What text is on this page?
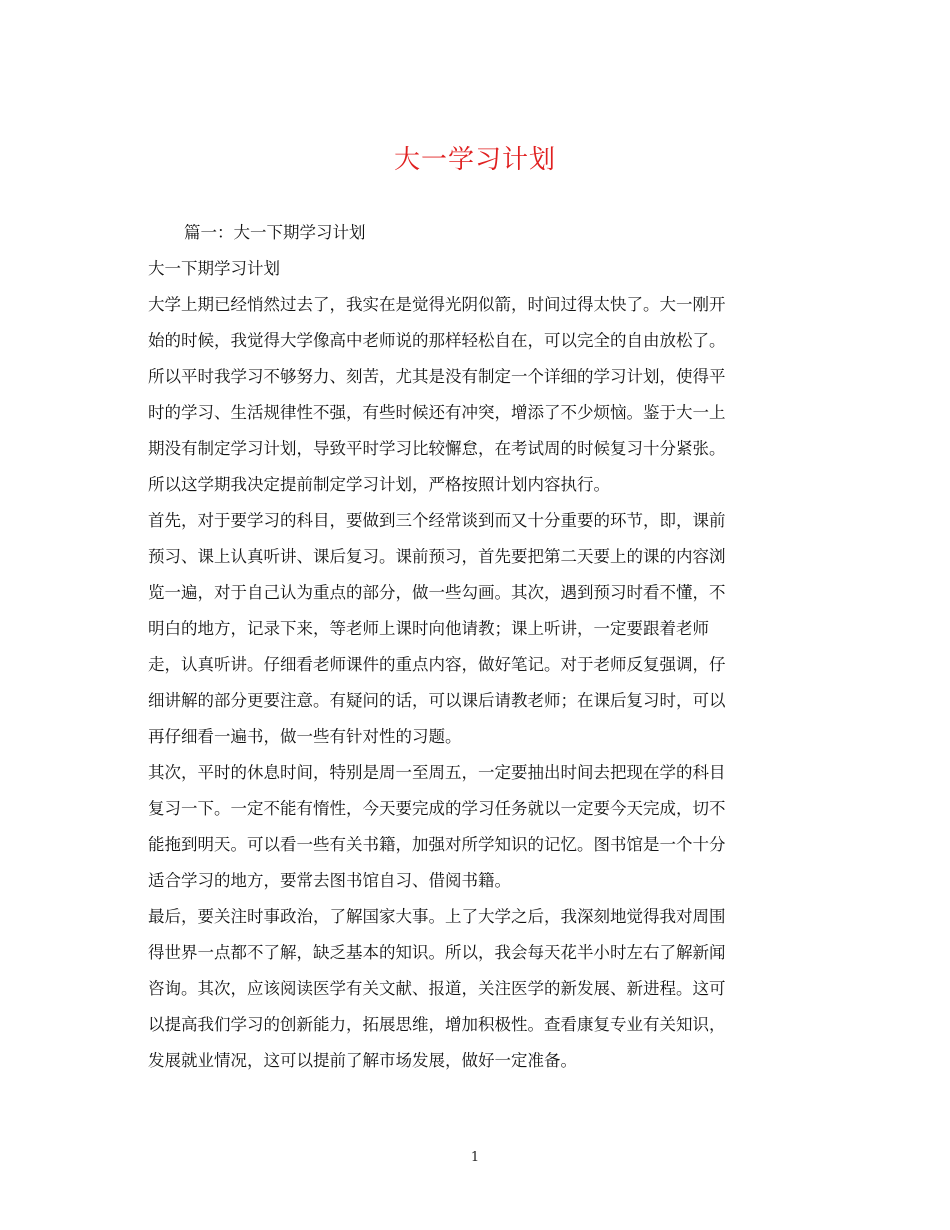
大一学习计划
篇一：大一下期学习计划
大一下期学习计划
大学上期已经悄然过去了，我实在是觉得光阴似箭，时间过得太快了。大一刚开
始的时候，我觉得大学像高中老师说的那样轻松自在，可以完全的自由放松了。
所以平时我学习不够努力、刻苦，尤其是没有制定一个详细的学习计划，使得平
时的学习、生活规律性不强，有些时候还有冲突，增添了不少烦恼。鉴于大一上
期没有制定学习计划，导致平时学习比较懈怠，在考试周的时候复习十分紧张。
所以这学期我决定提前制定学习计划，严格按照计划内容执行。
首先，对于要学习的科目，要做到三个经常谈到而又十分重要的环节，即，课前
预习、课上认真听讲、课后复习。课前预习，首先要把第二天要上的课的内容浏
览一遍，对于自己认为重点的部分，做一些勾画。其次，遇到预习时看不懂，不
明白的地方，记录下来，等老师上课时向他请教；课上听讲，一定要跟着老师
走，认真听讲。仔细看老师课件的重点内容，做好笔记。对于老师反复强调，仔
细讲解的部分更要注意。有疑问的话，可以课后请教老师；在课后复习时，可以
再仔细看一遍书，做一些有针对性的习题。
其次，平时的休息时间，特别是周一至周五，一定要抽出时间去把现在学的科目
复习一下。一定不能有惰性，今天要完成的学习任务就以一定要今天完成，切不
能拖到明天。可以看一些有关书籍，加强对所学知识的记忆。图书馆是一个十分
适合学习的地方，要常去图书馆自习、借阅书籍。
最后，要关注时事政治，了解国家大事。上了大学之后，我深刻地觉得我对周围
得世界一点都不了解，缺乏基本的知识。所以，我会每天花半小时左右了解新闻
咨询。其次，应该阅读医学有关文献、报道，关注医学的新发展、新进程。这可
以提高我们学习的创新能力，拓展思维，增加积极性。查看康复专业有关知识，
发展就业情况，这可以提前了解市场发展，做好一定准备。
1
